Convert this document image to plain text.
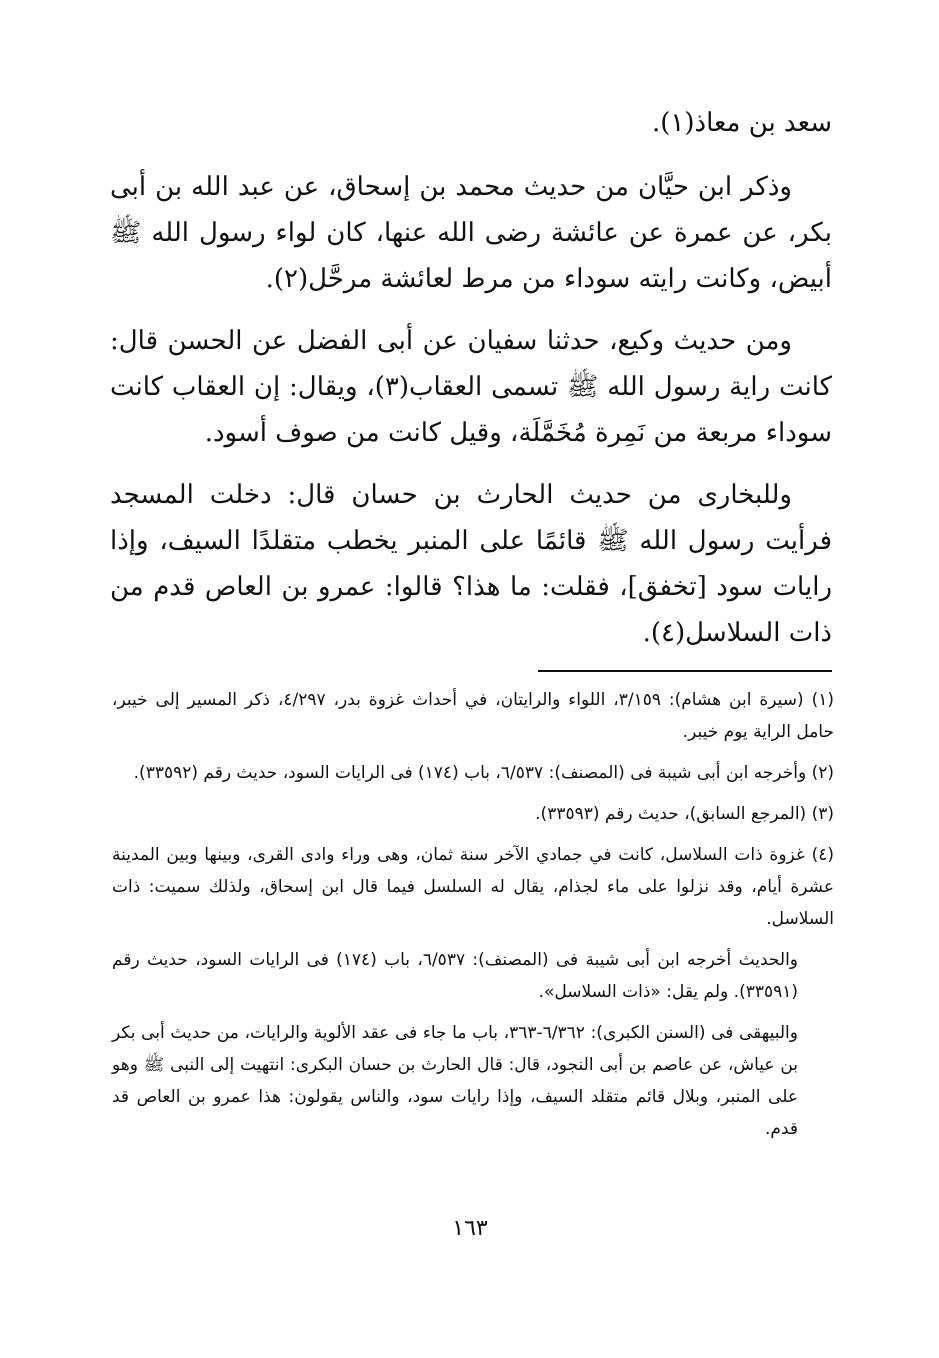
سعد بن معاذ(١).

وذكر ابن حيَّان من حديث محمد بن إسحاق، عن عبد الله بن أبى بكر، عن عمرة عن عائشة رضى الله عنها، كان لواء رسول الله ﷺ أبيض، وكانت رايته سوداء من مرط لعائشة مرحَّل(٢).

ومن حديث وكيع، حدثنا سفيان عن أبى الفضل عن الحسن قال: كانت راية رسول الله ﷺ تسمى العقاب(٣)، ويقال: إن العقاب كانت سوداء مربعة من نَمِرة مُخَمَّلَة، وقيل كانت من صوف أسود.

وللبخارى من حديث الحارث بن حسان قال: دخلت المسجد فرأيت رسول الله ﷺ قائمًا على المنبر يخطب متقلدًا السيف، وإذا رايات سود [تخفق]، فقلت: ما هذا؟ قالوا: عمرو بن العاص قدم من ذات السلاسل(٤).

(١) (سيرة ابن هشام): ٣/١٥٩، اللواء والرايتان، في أحداث غزوة بدر، ٤/٢٩٧، ذكر المسير إلى خيبر، حامل الراية يوم خيبر.

(٢) وأخرجه ابن أبى شيبة فى (المصنف): ٦/٥٣٧، باب (١٧٤) فى الرايات السود، حديث رقم (٣٣٥٩٢).

(٣) (المرجع السابق)، حديث رقم (٣٣٥٩٣).

(٤) غزوة ذات السلاسل، كانت في جمادي الآخر سنة ثمان، وهى وراء وادى القرى، وبينها وبين المدينة عشرة أيام، وقد نزلوا على ماء لجذام، يقال له السلسل فيما قال ابن إسحاق، ولذلك سميت: ذات السلاسل.

والحديث أخرجه ابن أبى شيبة فى (المصنف): ٦/٥٣٧، باب (١٧٤) فى الرايات السود، حديث رقم (٣٣٥٩١). ولم يقل: «ذات السلاسل».

والبيهقى فى (السنن الكبرى): ٦/٣٦٢-٣٦٣، باب ما جاء فى عقد الألوية والرايات، من حديث أبى بكر بن عياش، عن عاصم بن أبى النجود، قال: قال الحارث بن حسان البكرى: انتهيت إلى النبى ﷺ وهو على المنبر، وبلال قائم متقلد السيف، وإذا رايات سود، والناس يقولون: هذا عمرو بن العاص قد قدم.

١٦٣
